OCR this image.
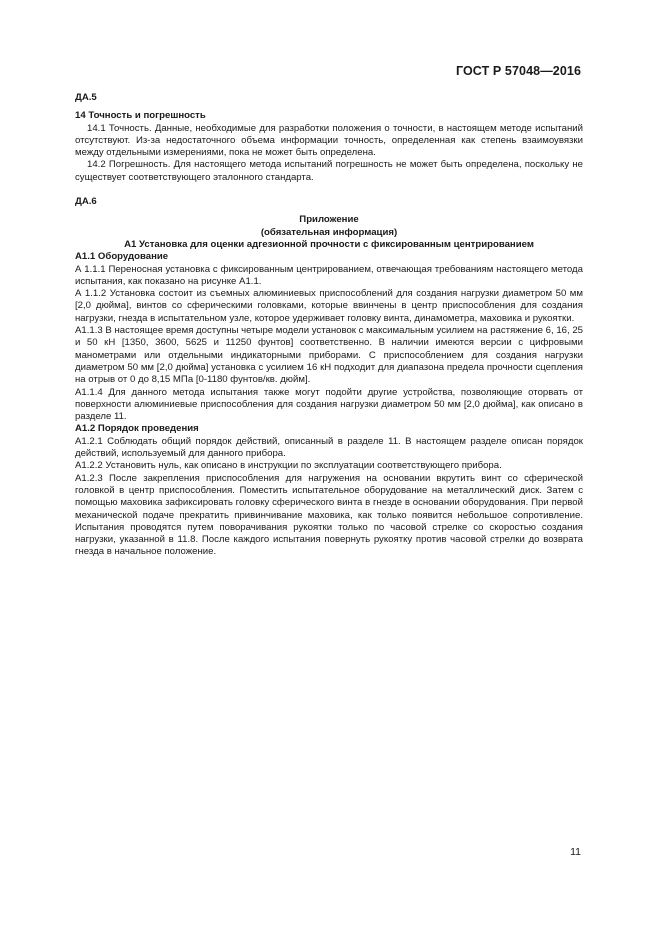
ГОСТ Р 57048—2016

ДА.5

14 Точность и погрешность

14.1 Точность. Данные, необходимые для разработки положения о точности, в настоящем методе испытаний отсутствуют. Из-за недостаточного объема информации точность, определенная как степень взаимоувязки между отдельными измерениями, пока не может быть определена.

14.2 Погрешность. Для настоящего метода испытаний погрешность не может быть определена, поскольку не существует соответствующего эталонного стандарта.

ДА.6

Приложение

(обязательная информация)

А1 Установка для оценки адгезионной прочности с фиксированным центрированием

А1.1 Оборудование

А 1.1.1 Переносная установка с фиксированным центрированием, отвечающая требованиям настоящего метода испытания, как показано на рисунке А1.1.

А 1.1.2 Установка состоит из съемных алюминиевых приспособлений для создания нагрузки диаметром 50 мм [2,0 дюйма], винтов со сферическими головками, которые ввинчены в центр приспособления для создания нагрузки, гнезда в испытательном узле, которое удерживает головку винта, динамометра, маховика и рукоятки.

А1.1.3 В настоящее время доступны четыре модели установок с максимальным усилием на растяжение 6, 16, 25 и 50 кН [1350, 3600, 5625 и 11250 фунтов] соответственно. В наличии имеются версии с цифровыми манометрами или отдельными индикаторными приборами. С приспособлением для создания нагрузки диаметром 50 мм [2,0 дюйма] установка с усилием 16 кН подходит для диапазона предела прочности сцепления на отрыв от 0 до 8,15 МПа [0-1180 фунтов/кв. дюйм].

А1.1.4 Для данного метода испытания также могут подойти другие устройства, позволяющие оторвать от поверхности алюминиевые приспособления для создания нагрузки диаметром 50 мм [2,0 дюйма], как описано в разделе 11.

А1.2 Порядок проведения

А1.2.1 Соблюдать общий порядок действий, описанный в разделе 11. В настоящем разделе описан порядок действий, используемый для данного прибора.

А1.2.2 Установить нуль, как описано в инструкции по эксплуатации соответствующего прибора.

А1.2.3 После закрепления приспособления для нагружения на основании вкрутить винт со сферической головкой в центр приспособления. Поместить испытательное оборудование на металлический диск. Затем с помощью маховика зафиксировать головку сферического винта в гнезде в основании оборудования. При первой механической подаче прекратить привинчивание маховика, как только появится небольшое сопротивление. Испытания проводятся путем поворачивания рукоятки только по часовой стрелке со скоростью создания нагрузки, указанной в 11.8. После каждого испытания повернуть рукоятку против часовой стрелки до возврата гнезда в начальное положение.

11
